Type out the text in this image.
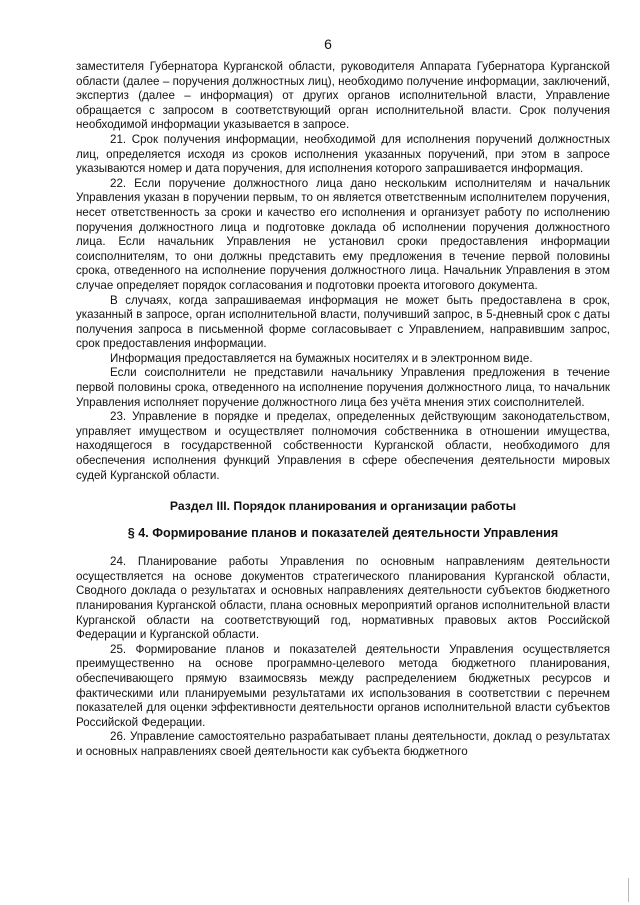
6

заместителя Губернатора Курганской области, руководителя Аппарата Губернатора Курганской области (далее – поручения должностных лиц), необходимо получение информации, заключений, экспертиз (далее – информация) от других органов исполнительной власти, Управление обращается с запросом в соответствующий орган исполнительной власти. Срок получения необходимой информации указывается в запросе.

21. Срок получения информации, необходимой для исполнения поручений должностных лиц, определяется исходя из сроков исполнения указанных поручений, при этом в запросе указываются номер и дата поручения, для исполнения которого запрашивается информация.

22. Если поручение должностного лица дано нескольким исполнителям и начальник Управления указан в поручении первым, то он является ответственным исполнителем поручения, несет ответственность за сроки и качество его исполнения и организует работу по исполнению поручения должностного лица и подготовке доклада об исполнении поручения должностного лица. Если начальник Управления не установил сроки предоставления информации соисполнителям, то они должны представить ему предложения в течение первой половины срока, отведенного на исполнение поручения должностного лица. Начальник Управления в этом случае определяет порядок согласования и подготовки проекта итогового документа.

В случаях, когда запрашиваемая информация не может быть предоставлена в срок, указанный в запросе, орган исполнительной власти, получивший запрос, в 5-дневный срок с даты получения запроса в письменной форме согласовывает с Управлением, направившим запрос, срок предоставления информации.

Информация предоставляется на бумажных носителях и в электронном виде.

Если соисполнители не представили начальнику Управления предложения в течение первой половины срока, отведенного на исполнение поручения должностного лица, то начальник Управления исполняет поручение должностного лица без учёта мнения этих соисполнителей.

23. Управление в порядке и пределах, определенных действующим законодательством, управляет имуществом и осуществляет полномочия собственника в отношении имущества, находящегося в государственной собственности Курганской области, необходимого для обеспечения исполнения функций Управления в сфере обеспечения деятельности мировых судей Курганской области.

Раздел III. Порядок планирования и организации работы
§ 4. Формирование планов и показателей деятельности Управления

24. Планирование работы Управления по основным направлениям деятельности осуществляется на основе документов стратегического планирования Курганской области, Сводного доклада о результатах и основных направлениях деятельности субъектов бюджетного планирования Курганской области, плана основных мероприятий органов исполнительной власти Курганской области на соответствующий год, нормативных правовых актов Российской Федерации и Курганской области.

25. Формирование планов и показателей деятельности Управления осуществляется преимущественно на основе программно-целевого метода бюджетного планирования, обеспечивающего прямую взаимосвязь между распределением бюджетных ресурсов и фактическими или планируемыми результатами их использования в соответствии с перечнем показателей для оценки эффективности деятельности органов исполнительной власти субъектов Российской Федерации.

26. Управление самостоятельно разрабатывает планы деятельности, доклад о результатах и основных направлениях своей деятельности как субъекта бюджетного
